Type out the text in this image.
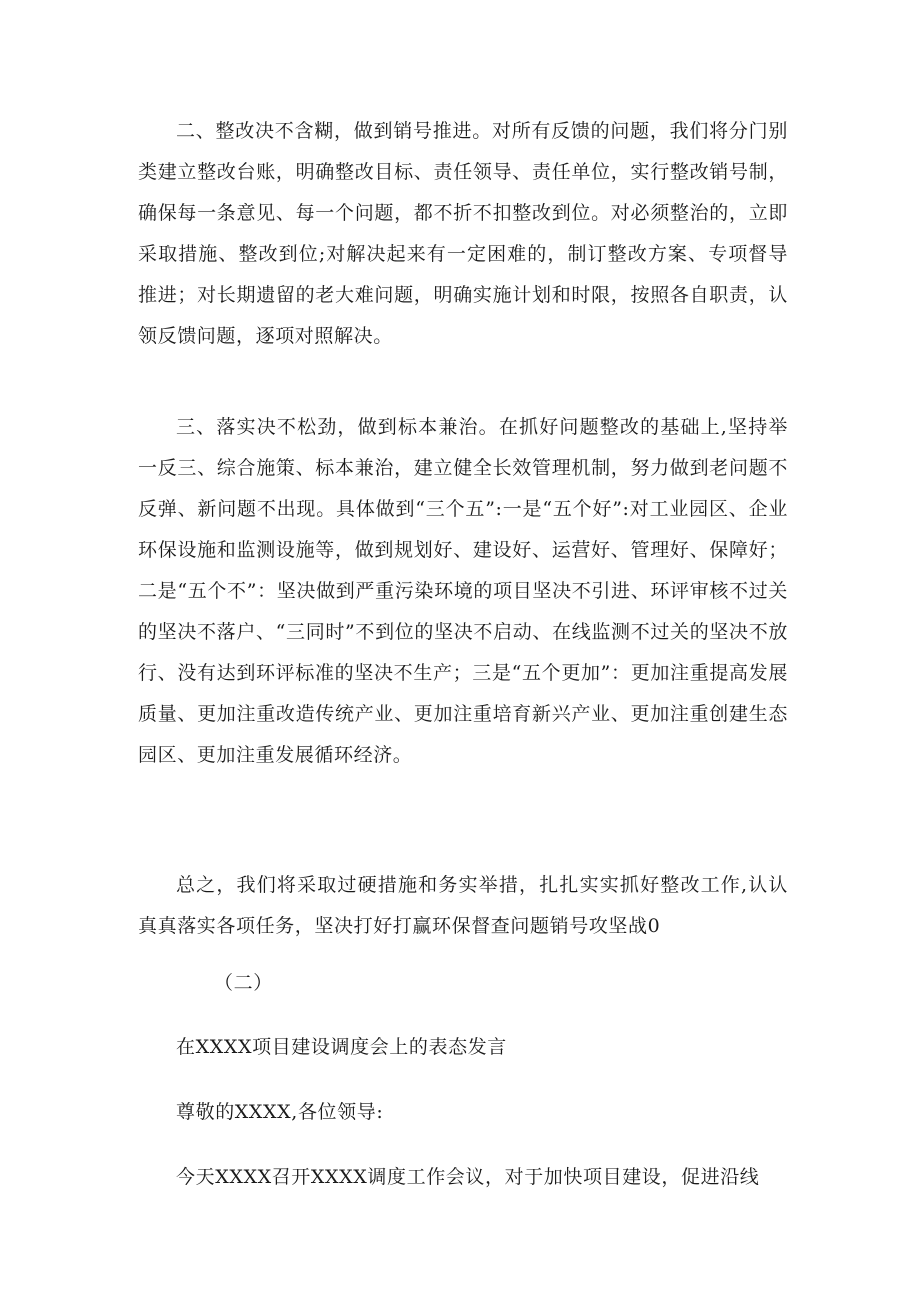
二、整改决不含糊，做到销号推进。对所有反馈的问题，我们将分门别类建立整改台账，明确整改目标、责任领导、责任单位，实行整改销号制，确保每一条意见、每一个问题，都不折不扣整改到位。对必须整治的，立即采取措施、整改到位;对解决起来有一定困难的，制订整改方案、专项督导推进；对长期遗留的老大难问题，明确实施计划和时限，按照各自职责，认领反馈问题，逐项对照解决。

三、落实决不松劲，做到标本兼治。在抓好问题整改的基础上,坚持举一反三、综合施策、标本兼治，建立健全长效管理机制，努力做到老问题不反弹、新问题不出现。具体做到“三个五”:一是“五个好”:对工业园区、企业环保设施和监测设施等，做到规划好、建设好、运营好、管理好、保障好；二是“五个不”：坚决做到严重污染环境的项目坚决不引进、环评审核不过关的坚决不落户、“三同时”不到位的坚决不启动、在线监测不过关的坚决不放行、没有达到环评标准的坚决不生产；三是“五个更加”：更加注重提高发展质量、更加注重改造传统产业、更加注重培育新兴产业、更加注重创建生态园区、更加注重发展循环经济。

总之，我们将采取过硬措施和务实举措，扎扎实实抓好整改工作,认认真真落实各项任务，坚决打好打赢环保督查问题销号攻坚战0

（二）

在XXXX项目建设调度会上的表态发言

尊敬的XXXX,各位领导:

今天XXXX召开XXXX调度工作会议，对于加快项目建设，促进沿线
